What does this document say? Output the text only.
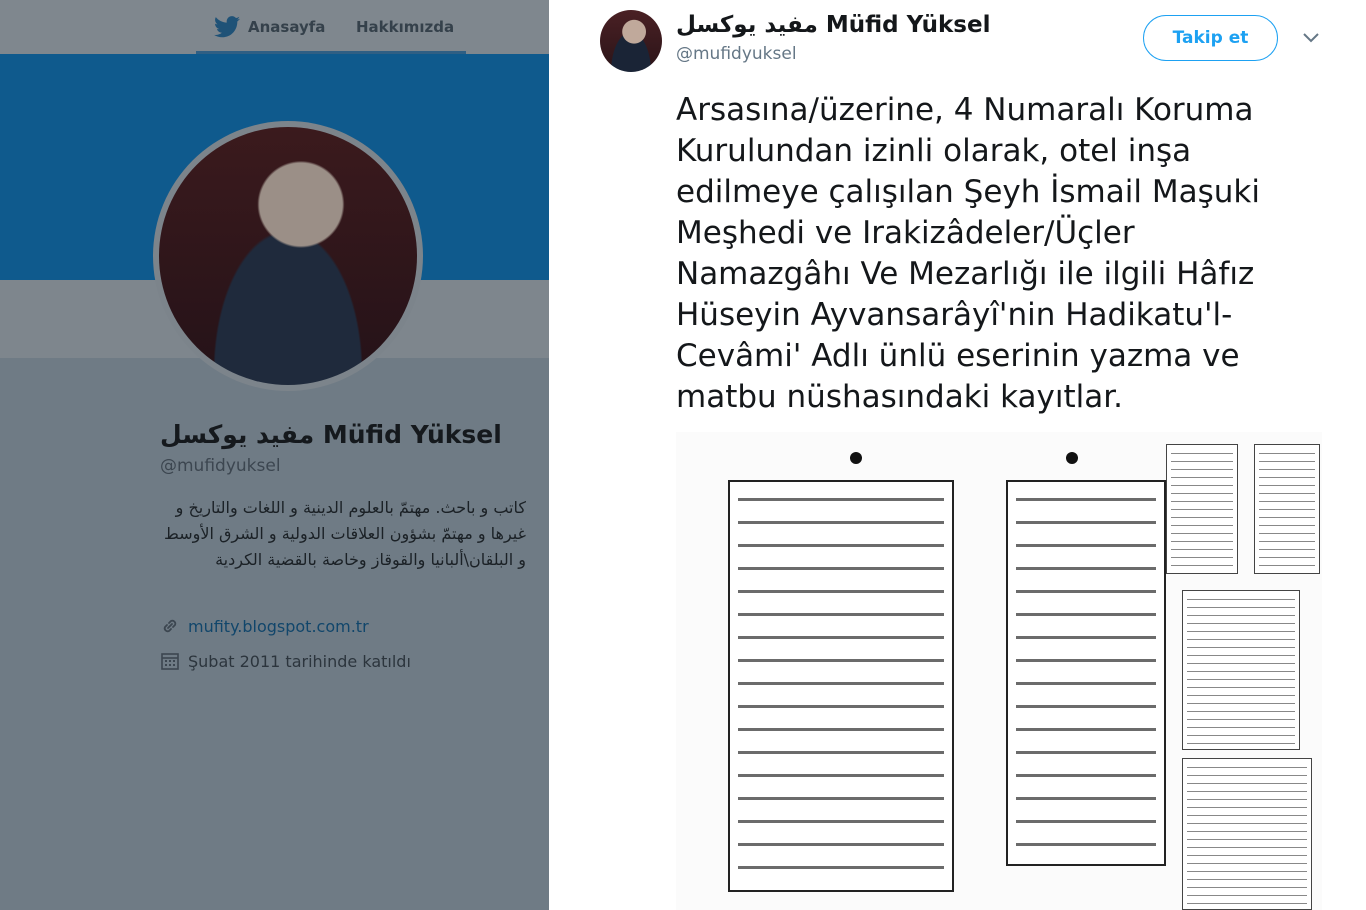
Anasayfa Hakkımızda
مفيد يوكسل Müfid Yüksel
@mufidyuksel
كاتب و باحث. مهتمّ بالعلوم الدينية و اللغات والتاريخ و غيرها و مهتمّ بشؤون العلاقات الدولية و الشرق الأوسط و البلقان\ألبانيا والقوقاز وخاصة بالقضية الكردية
mufity.blogspot.com.tr
Şubat 2011 tarihinde katıldı
مفيد يوكسل Müfid Yüksel
@mufidyuksel
Takip et
Arsasına/üzerine, 4 Numaralı Koruma Kurulundan izinli olarak, otel inşa edilmeye çalışılan Şeyh İsmail Maşuki Meşhedi ve Irakizâdeler/Üçler Namazgâhı Ve Mezarlığı ile ilgili Hâfız Hüseyin Ayvansarâyî'nin Hadikatu'l-Cevâmi' Adlı ünlü eserinin yazma ve matbu nüshasındaki kayıtlar.
